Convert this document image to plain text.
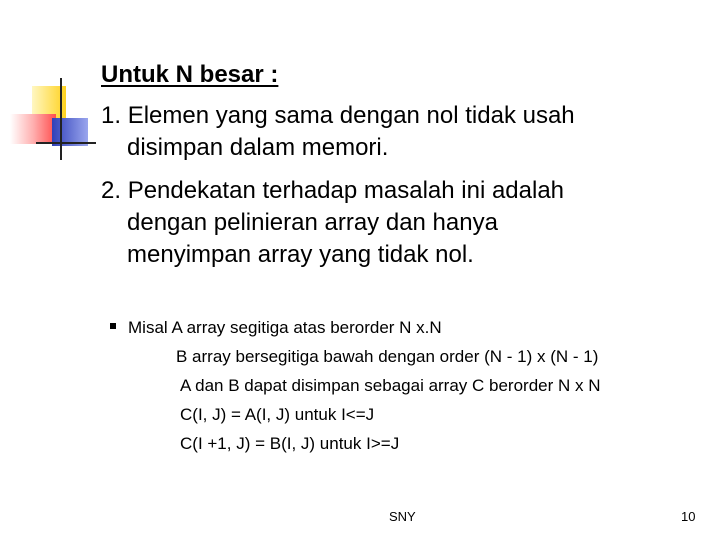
Untuk N besar :
1. Elemen yang sama dengan nol tidak usah
disimpan dalam memori.
2. Pendekatan terhadap masalah ini adalah
dengan pelinieran array dan hanya
menyimpan array yang tidak nol.
Misal A array segitiga atas berorder N x.N
B array bersegitiga bawah dengan order (N - 1) x (N - 1)
A dan B dapat disimpan sebagai array C berorder N x N
C(I, J) = A(I, J) untuk I<=J
C(I +1, J) = B(I, J) untuk I>=J
SNY	10
